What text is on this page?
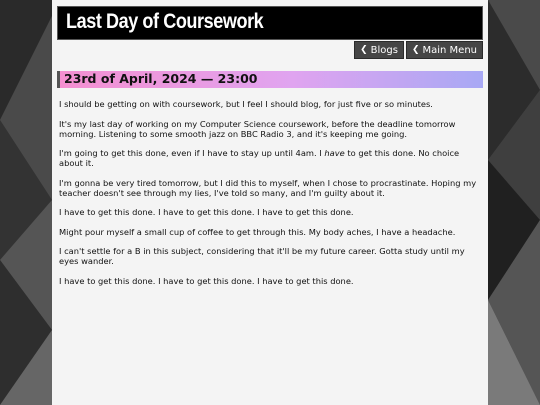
Last Day of Coursework
❮ Blogs ❮ Main Menu
23rd of April, 2024 — 23:00

I should be getting on with coursework, but I feel I should blog, for just five or so minutes.

It's my last day of working on my Computer Science coursework, before the deadline tomorrow morning. Listening to some smooth jazz on BBC Radio 3, and it's keeping me going.

I'm going to get this done, even if I have to stay up until 4am. I have to get this done. No choice about it.

I'm gonna be very tired tomorrow, but I did this to myself, when I chose to procrastinate. Hoping my teacher doesn't see through my lies, I've told so many, and I'm guilty about it.

I have to get this done. I have to get this done. I have to get this done.

Might pour myself a small cup of coffee to get through this. My body aches, I have a headache.

I can't settle for a B in this subject, considering that it'll be my future career. Gotta study until my eyes wander.

I have to get this done. I have to get this done. I have to get this done.
